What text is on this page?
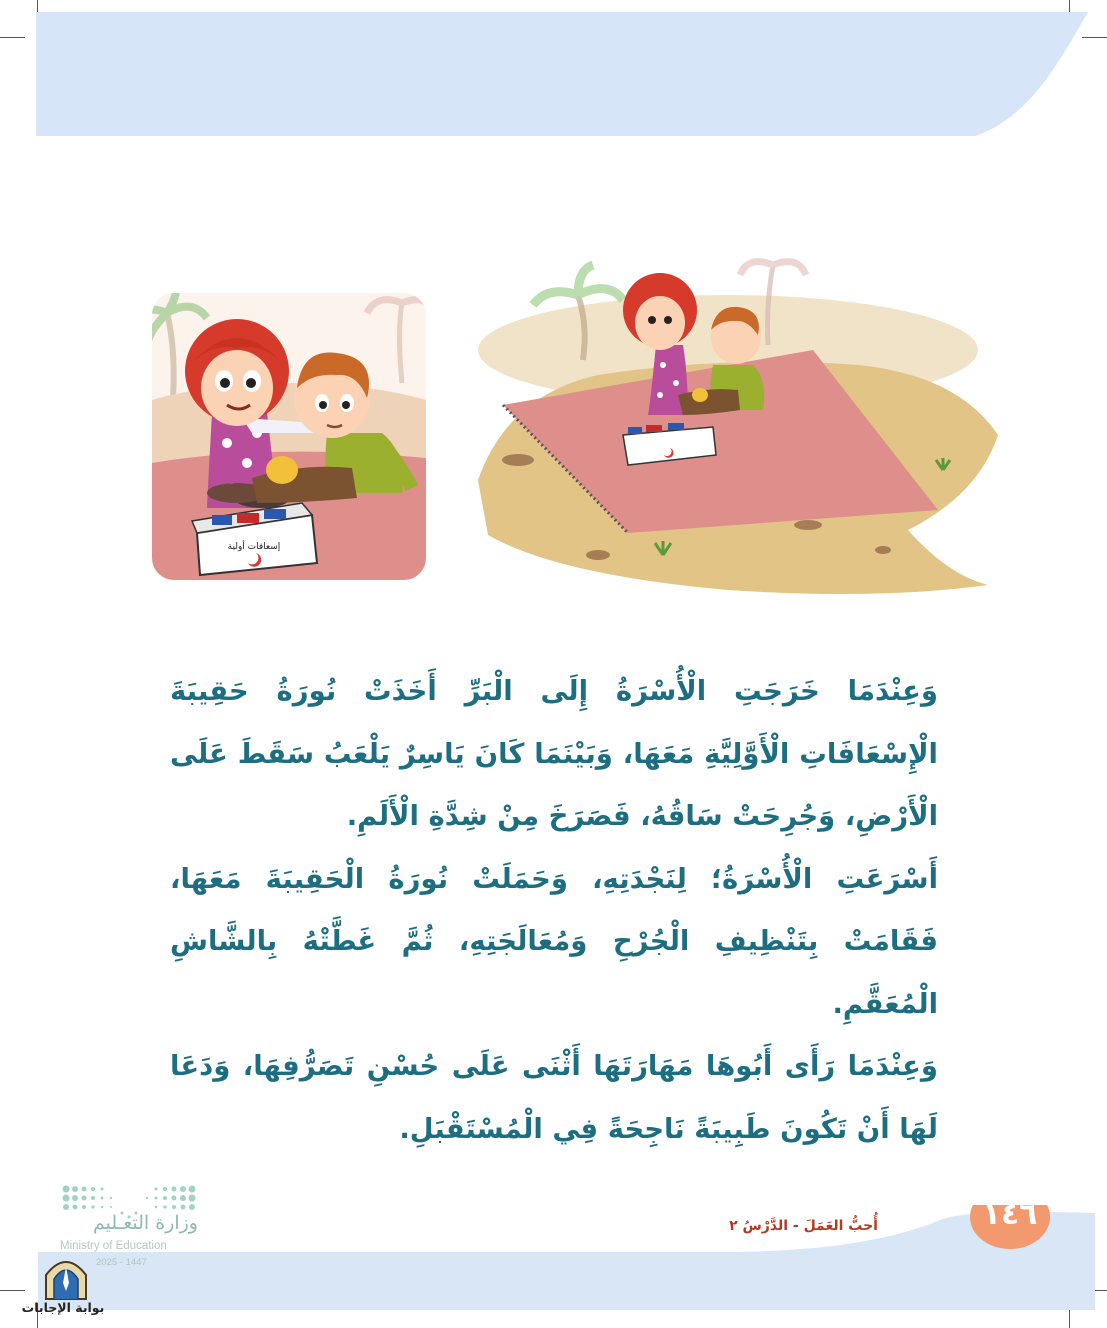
إسعافات أولية

وَعِنْدَمَا خَرَجَتِ الْأُسْرَةُ إِلَى الْبَرِّ أَخَذَتْ نُورَةُ حَقِيبَةَ الْإِسْعَافَاتِ الْأَوَّلِيَّةِ مَعَهَا، وَبَيْنَمَا كَانَ يَاسِرٌ يَلْعَبُ سَقَطَ عَلَى الْأَرْضِ، وَجُرِحَتْ سَاقُهُ، فَصَرَخَ مِنْ شِدَّةِ الْأَلَمِ.

أَسْرَعَتِ الْأُسْرَةُ؛ لِنَجْدَتِهِ، وَحَمَلَتْ نُورَةُ الْحَقِيبَةَ مَعَهَا، فَقَامَتْ بِتَنْظِيفِ الْجُرْحِ وَمُعَالَجَتِهِ، ثُمَّ غَطَّتْهُ بِالشَّاشِ الْمُعَقَّمِ.

وَعِنْدَمَا رَأَى أَبُوهَا مَهَارَتَهَا أَثْنَى عَلَى حُسْنِ تَصَرُّفِهَا، وَدَعَا لَهَا أَنْ تَكُونَ طَبِيبَةً نَاجِحَةً فِي الْمُسْتَقْبَلِ.

١٤٦
أُحبُّ العَمَلَ - الدَّرْسُ ٢
وزارة التعـليم
Ministry of Education
2025 - 1447
بوابة الإجابات
